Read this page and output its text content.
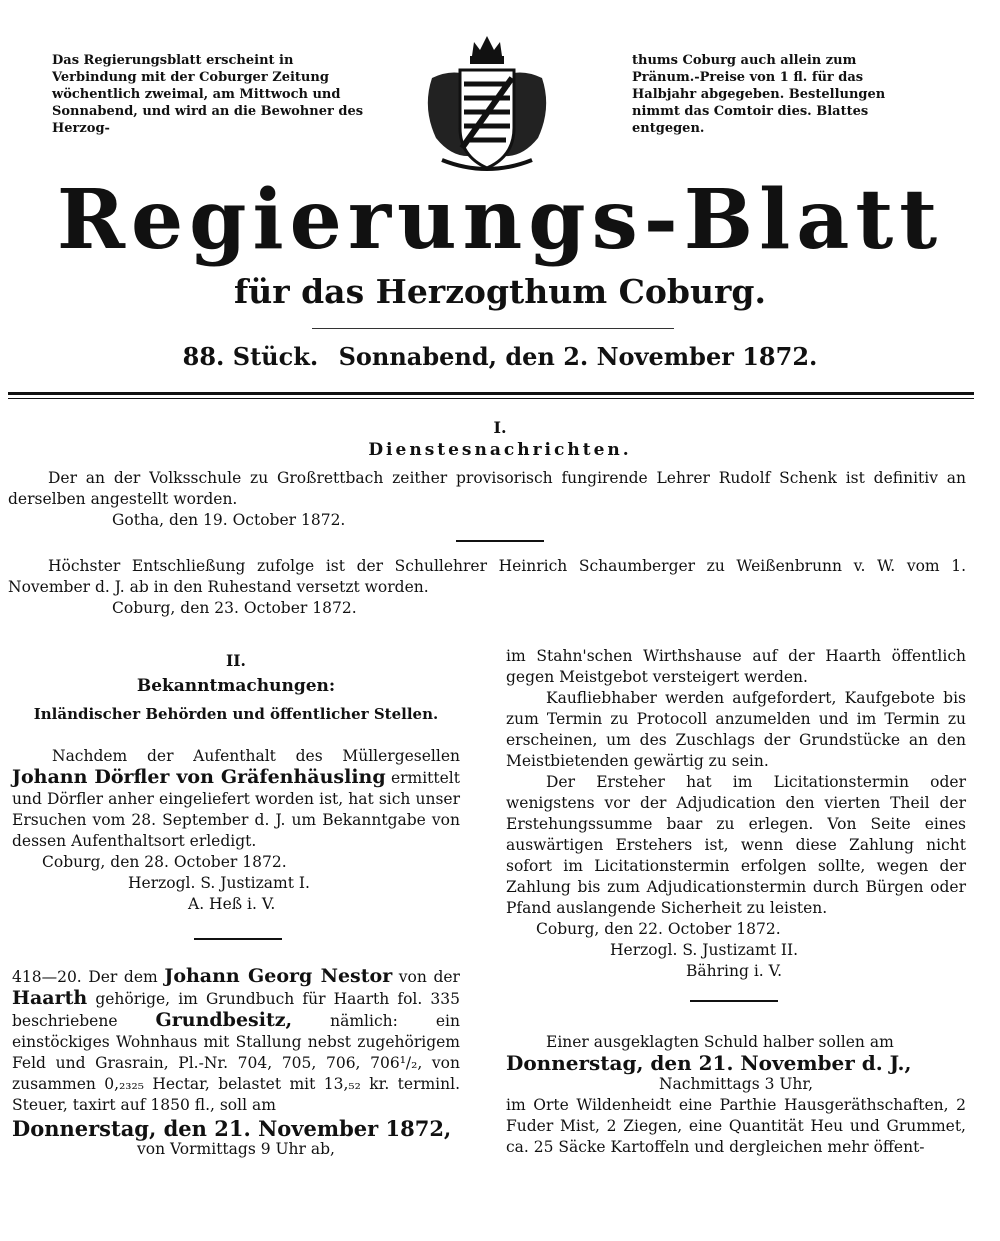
Das Regierungsblatt erscheint in Verbindung mit der Coburger Zeitung wöchentlich zweimal, am Mittwoch und Sonnabend, und wird an die Bewohner des Herzog-
thums Coburg auch allein zum Pränum.-Preise von 1 fl. für das Halbjahr abgegeben. Bestellungen nimmt das Comtoir dies. Blattes entgegen.
Regierungs-Blatt
für das Herzogthum Coburg.
88. Stück. Sonnabend, den 2. November 1872.
I.
Dienstesnachrichten.

Der an der Volksschule zu Großrettbach zeither provisorisch fungirende Lehrer Rudolf Schenk ist definitiv an derselben angestellt worden.

Gotha, den 19. October 1872.

Höchster Entschließung zufolge ist der Schullehrer Heinrich Schaumberger zu Weißenbrunn v. W. vom 1. November d. J. ab in den Ruhestand versetzt worden.

Coburg, den 23. October 1872.

II.
Bekanntmachungen:
Inländischer Behörden und öffentlicher Stellen.

Nachdem der Aufenthalt des Müllergesellen Johann Dörfler von Gräfenhäusling ermittelt und Dörfler anher eingeliefert worden ist, hat sich unser Ersuchen vom 28. September d. J. um Bekanntgabe von dessen Aufenthaltsort erledigt.

Coburg, den 28. October 1872.

Herzogl. S. Justizamt I.

A. Heß i. V.

418—20. Der dem Johann Georg Nestor von der Haarth gehörige, im Grundbuch für Haarth fol. 335 beschriebene Grundbesitz, nämlich: ein einstöckiges Wohnhaus mit Stallung nebst zugehörigem Feld und Grasrain, Pl.-Nr. 704, 705, 706, 706¹/₂, von zusammen 0,₂₃₂₅ Hectar, belastet mit 13,₅₂ kr. terminl. Steuer, taxirt auf 1850 fl., soll am

Donnerstag, den 21. November 1872,

von Vormittags 9 Uhr ab,

im Stahn'schen Wirthshause auf der Haarth öffentlich gegen Meistgebot versteigert werden.

Kaufliebhaber werden aufgefordert, Kaufgebote bis zum Termin zu Protocoll anzumelden und im Termin zu erscheinen, um des Zuschlags der Grundstücke an den Meistbietenden gewärtig zu sein.

Der Ersteher hat im Licitationstermin oder wenigstens vor der Adjudication den vierten Theil der Erstehungssumme baar zu erlegen. Von Seite eines auswärtigen Erstehers ist, wenn diese Zahlung nicht sofort im Licitationstermin erfolgen sollte, wegen der Zahlung bis zum Adjudicationstermin durch Bürgen oder Pfand auslangende Sicherheit zu leisten.

Coburg, den 22. October 1872.

Herzogl. S. Justizamt II.

Bähring i. V.

Einer ausgeklagten Schuld halber sollen am

Donnerstag, den 21. November d. J.,

Nachmittags 3 Uhr,

im Orte Wildenheidt eine Parthie Hausgeräthschaften, 2 Fuder Mist, 2 Ziegen, eine Quantität Heu und Grummet, ca. 25 Säcke Kartoffeln und dergleichen mehr öffent-
